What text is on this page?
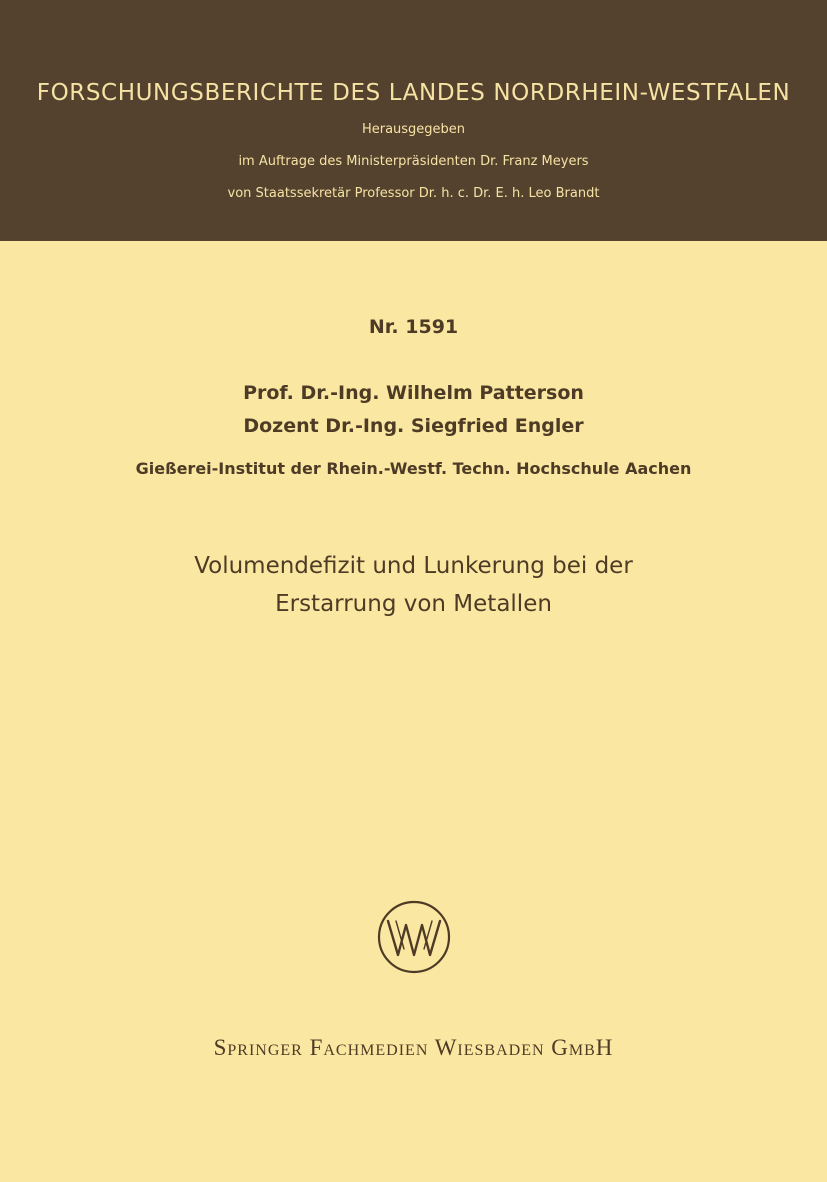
FORSCHUNGSBERICHTE DES LANDES NORDRHEIN-WESTFALEN
Herausgegeben
im Auftrage des Ministerpräsidenten Dr. Franz Meyers
von Staatssekretär Professor Dr. h. c. Dr. E. h. Leo Brandt
Nr. 1591
Prof. Dr.-Ing. Wilhelm Patterson
Dozent Dr.-Ing. Siegfried Engler
Gießerei-Institut der Rhein.-Westf. Techn. Hochschule Aachen
Volumendefizit und Lunkerung bei der
Erstarrung von Metallen
Springer Fachmedien Wiesbaden GmbH
